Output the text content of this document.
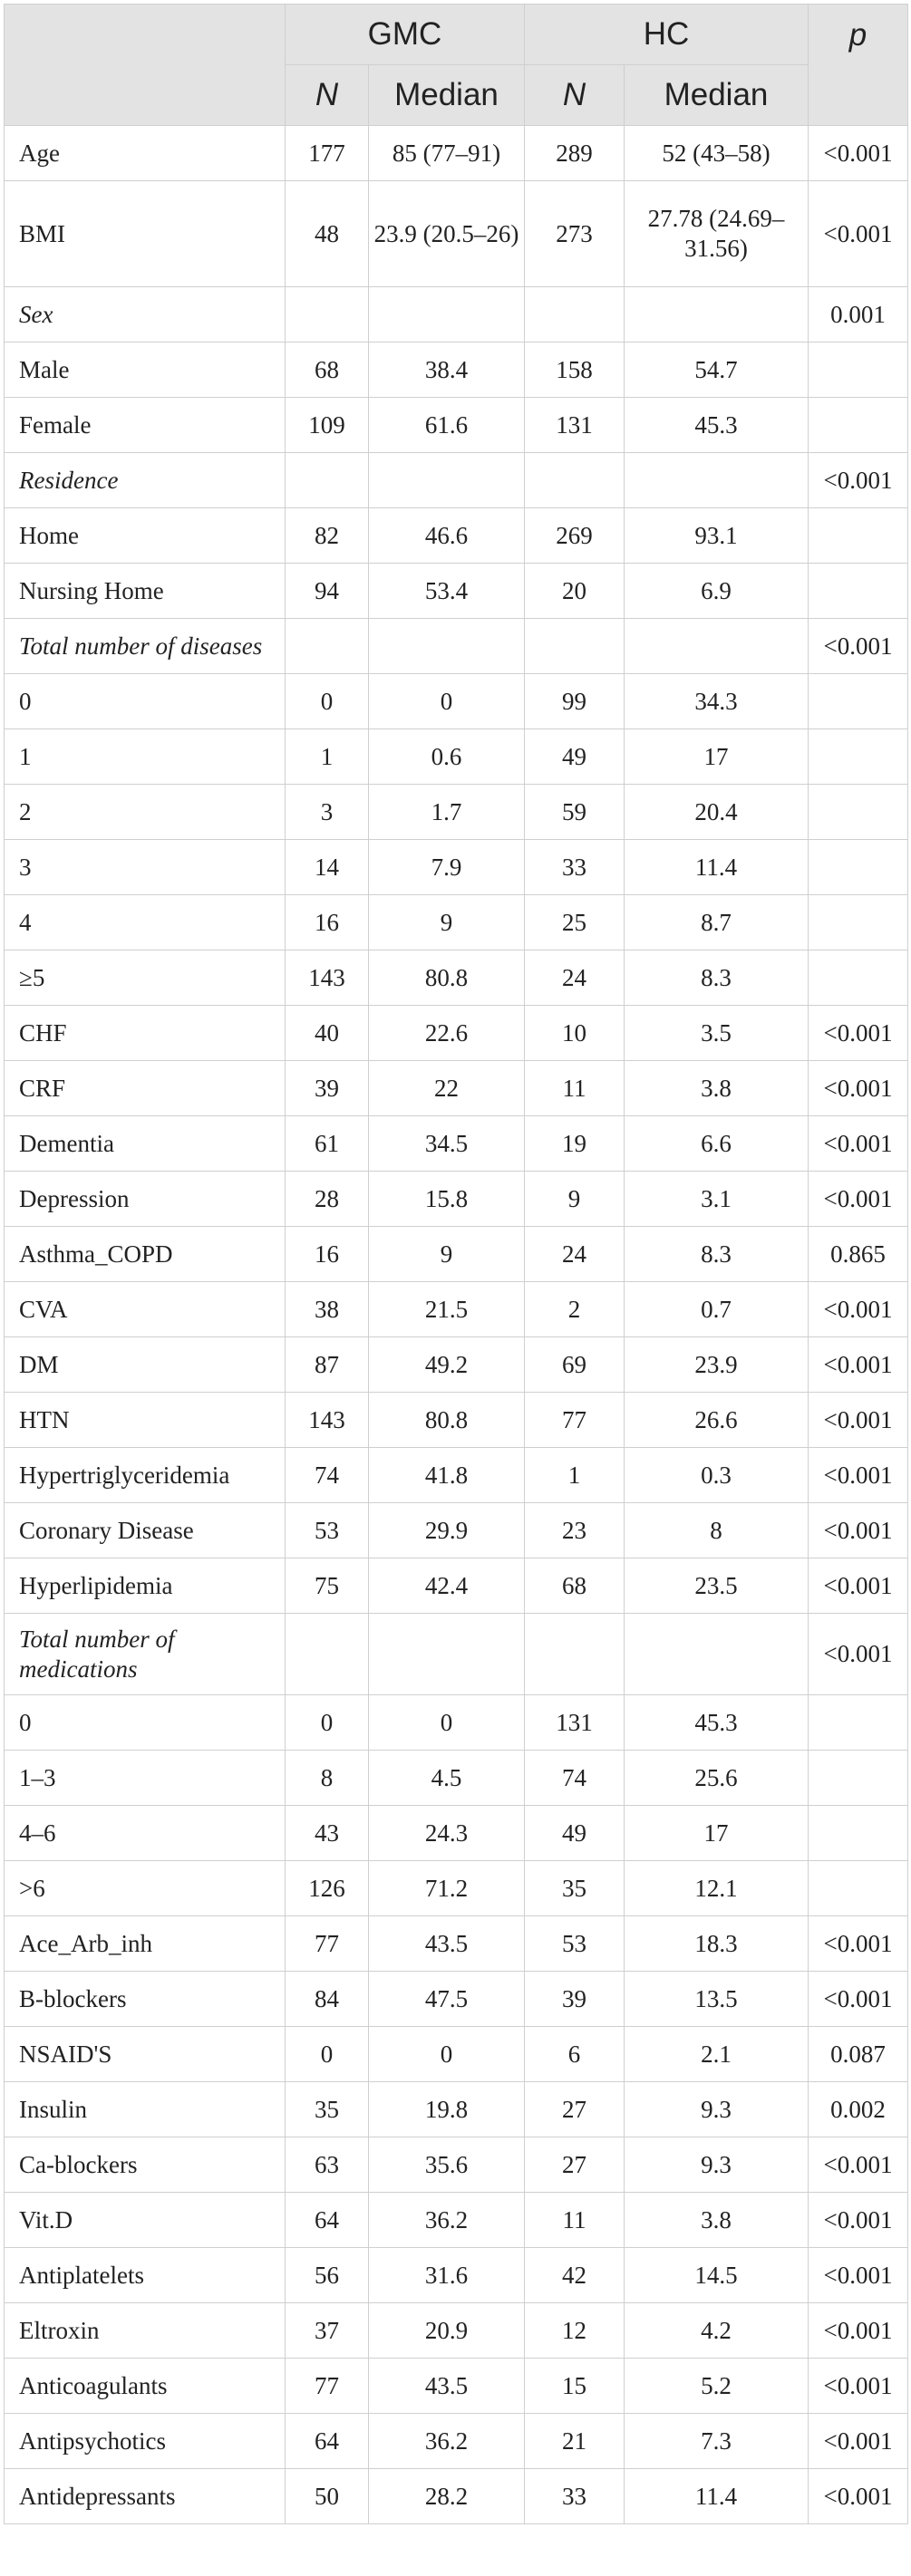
	GMC		HC		p
	N	Median	N	Median	
Age	177	85 (77–91)	289	52 (43–58)	<0.001
BMI	48	23.9 (20.5–26)	273	27.78 (24.69–31.56)	<0.001
Sex					0.001
Male	68	38.4	158	54.7	
Female	109	61.6	131	45.3	
Residence					<0.001
Home	82	46.6	269	93.1	
Nursing Home	94	53.4	20	6.9	
Total number of diseases					<0.001
0	0	0	99	34.3	
1	1	0.6	49	17	
2	3	1.7	59	20.4	
3	14	7.9	33	11.4	
4	16	9	25	8.7	
≥5	143	80.8	24	8.3	
CHF	40	22.6	10	3.5	<0.001
CRF	39	22	11	3.8	<0.001
Dementia	61	34.5	19	6.6	<0.001
Depression	28	15.8	9	3.1	<0.001
Asthma_COPD	16	9	24	8.3	0.865
CVA	38	21.5	2	0.7	<0.001
DM	87	49.2	69	23.9	<0.001
HTN	143	80.8	77	26.6	<0.001
Hypertriglyceridemia	74	41.8	1	0.3	<0.001
Coronary Disease	53	29.9	23	8	<0.001
Hyperlipidemia	75	42.4	68	23.5	<0.001
Total number of medications					<0.001
0	0	0	131	45.3	
1–3	8	4.5	74	25.6	
4–6	43	24.3	49	17	
>6	126	71.2	35	12.1	
Ace_Arb_inh	77	43.5	53	18.3	<0.001
B-blockers	84	47.5	39	13.5	<0.001
NSAID'S	0	0	6	2.1	0.087
Insulin	35	19.8	27	9.3	0.002
Ca-blockers	63	35.6	27	9.3	<0.001
Vit.D	64	36.2	11	3.8	<0.001
Antiplatelets	56	31.6	42	14.5	<0.001
Eltroxin	37	20.9	12	4.2	<0.001
Anticoagulants	77	43.5	15	5.2	<0.001
Antipsychotics	64	36.2	21	7.3	<0.001
Antidepressants	50	28.2	33	11.4	<0.001
